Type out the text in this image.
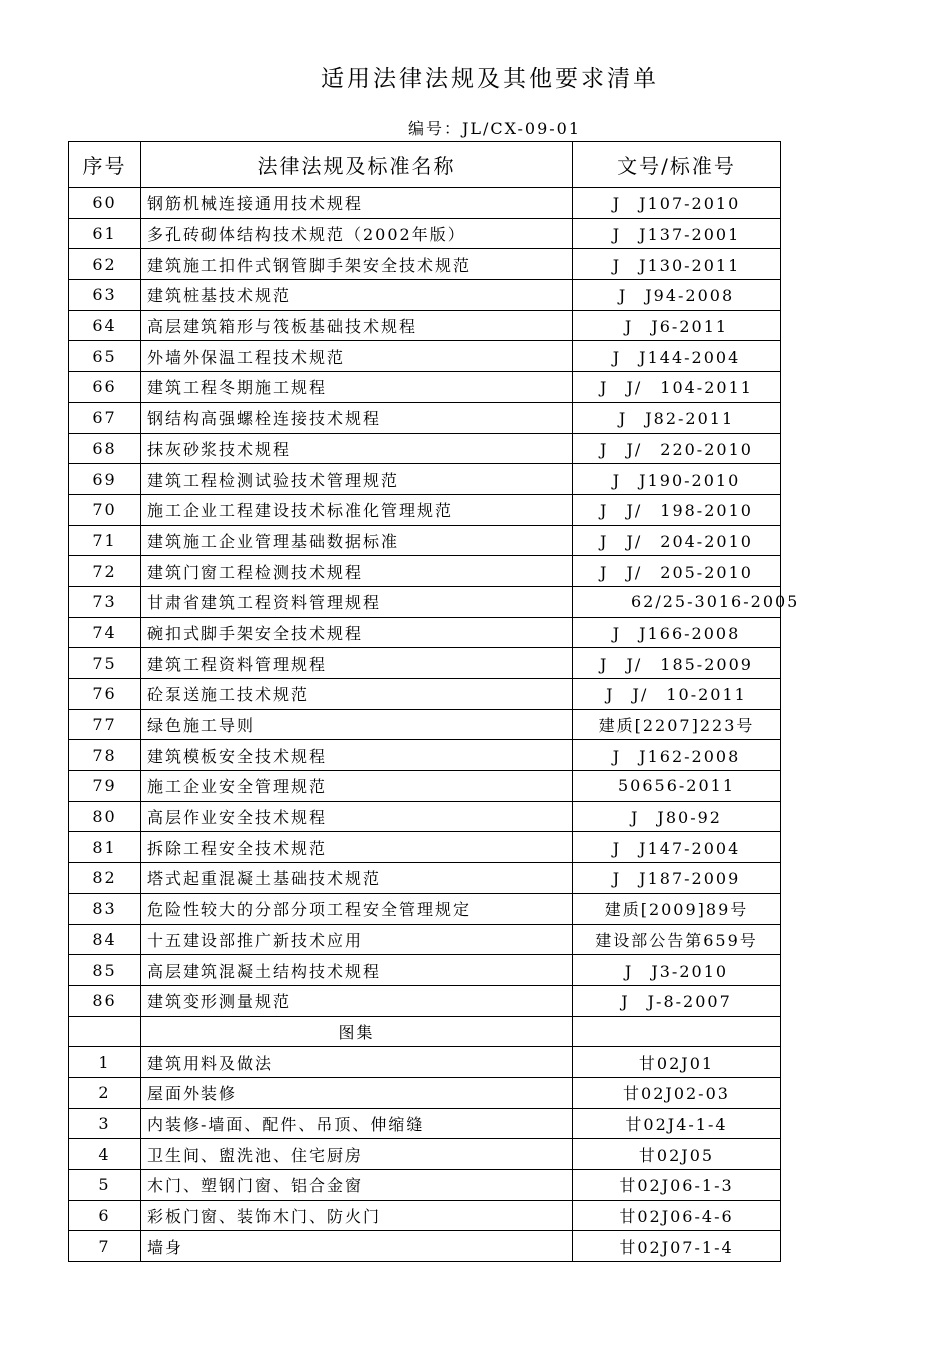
适用法律法规及其他要求清单
编号：JL/CX-09-01
序号	法律法规及标准名称	文号/标准号
60	钢筋机械连接通用技术规程	J　J107-2010
61	多孔砖砌体结构技术规范（2002年版）	J　J137-2001
62	建筑施工扣件式钢管脚手架安全技术规范	J　J130-2011
63	建筑桩基技术规范	J　J94-2008
64	高层建筑箱形与筏板基础技术规程	J　J6-2011
65	外墙外保温工程技术规范	J　J144-2004
66	建筑工程冬期施工规程	J　J/　104-2011
67	钢结构高强螺栓连接技术规程	J　J82-2011
68	抹灰砂浆技术规程	J　J/　220-2010
69	建筑工程检测试验技术管理规范	J　J190-2010
70	施工企业工程建设技术标准化管理规范	J　J/　198-2010
71	建筑施工企业管理基础数据标准	J　J/　204-2010
72	建筑门窗工程检测技术规程	J　J/　205-2010
73	甘肃省建筑工程资料管理规程	62/25-3016-2005
74	碗扣式脚手架安全技术规程	J　J166-2008
75	建筑工程资料管理规程	J　J/　185-2009
76	砼泵送施工技术规范	J　J/　10-2011
77	绿色施工导则	建质[2207]223号
78	建筑模板安全技术规程	J　J162-2008
79	施工企业安全管理规范	50656-2011
80	高层作业安全技术规程	J　J80-92
81	拆除工程安全技术规范	J　J147-2004
82	塔式起重混凝土基础技术规范	J　J187-2009
83	危险性较大的分部分项工程安全管理规定	建质[2009]89号
84	十五建设部推广新技术应用	建设部公告第659号
85	高层建筑混凝土结构技术规程	J　J3-2010
86	建筑变形测量规范	J　J-8-2007
	图集	
1	建筑用料及做法	甘02J01
2	屋面外装修	甘02J02-03
3	内装修-墙面、配件、吊顶、伸缩缝	甘02J4-1-4
4	卫生间、盥洗池、住宅厨房	甘02J05
5	木门、塑钢门窗、铝合金窗	甘02J06-1-3
6	彩板门窗、装饰木门、防火门	甘02J06-4-6
7	墙身	甘02J07-1-4
